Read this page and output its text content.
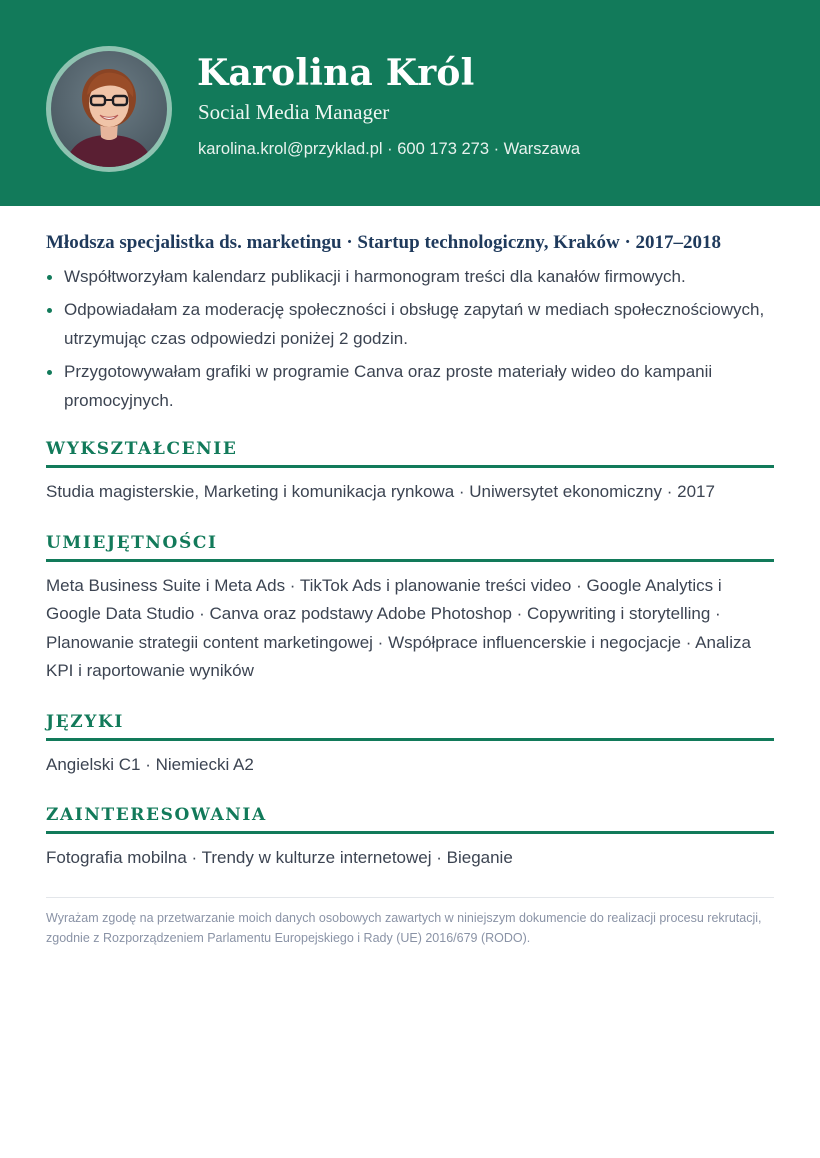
Karolina Król
Social Media Manager
karolina.krol@przyklad.pl · 600 173 273 · Warszawa
Młodsza specjalistka ds. marketingu · Startup technologiczny, Kraków · 2017–2018
Współtworzyłam kalendarz publikacji i harmonogram treści dla kanałów firmowych.
Odpowiadałam za moderację społeczności i obsługę zapytań w mediach społecznościowych, utrzymując czas odpowiedzi poniżej 2 godzin.
Przygotowywałam grafiki w programie Canva oraz proste materiały wideo do kampanii promocyjnych.
WYKSZTAŁCENIE

Studia magisterskie, Marketing i komunikacja rynkowa · Uniwersytet ekonomiczny · 2017

UMIEJĘTNOŚCI

Meta Business Suite i Meta Ads · TikTok Ads i planowanie treści video · Google Analytics i Google Data Studio · Canva oraz podstawy Adobe Photoshop · Copywriting i storytelling · Planowanie strategii content marketingowej · Współprace influencerskie i negocjacje · Analiza KPI i raportowanie wyników

JĘZYKI

Angielski C1 · Niemiecki A2

ZAINTERESOWANIA

Fotografia mobilna · Trendy w kulturze internetowej · Bieganie

Wyrażam zgodę na przetwarzanie moich danych osobowych zawartych w niniejszym dokumencie do realizacji procesu rekrutacji, zgodnie z Rozporządzeniem Parlamentu Europejskiego i Rady (UE) 2016/679 (RODO).
